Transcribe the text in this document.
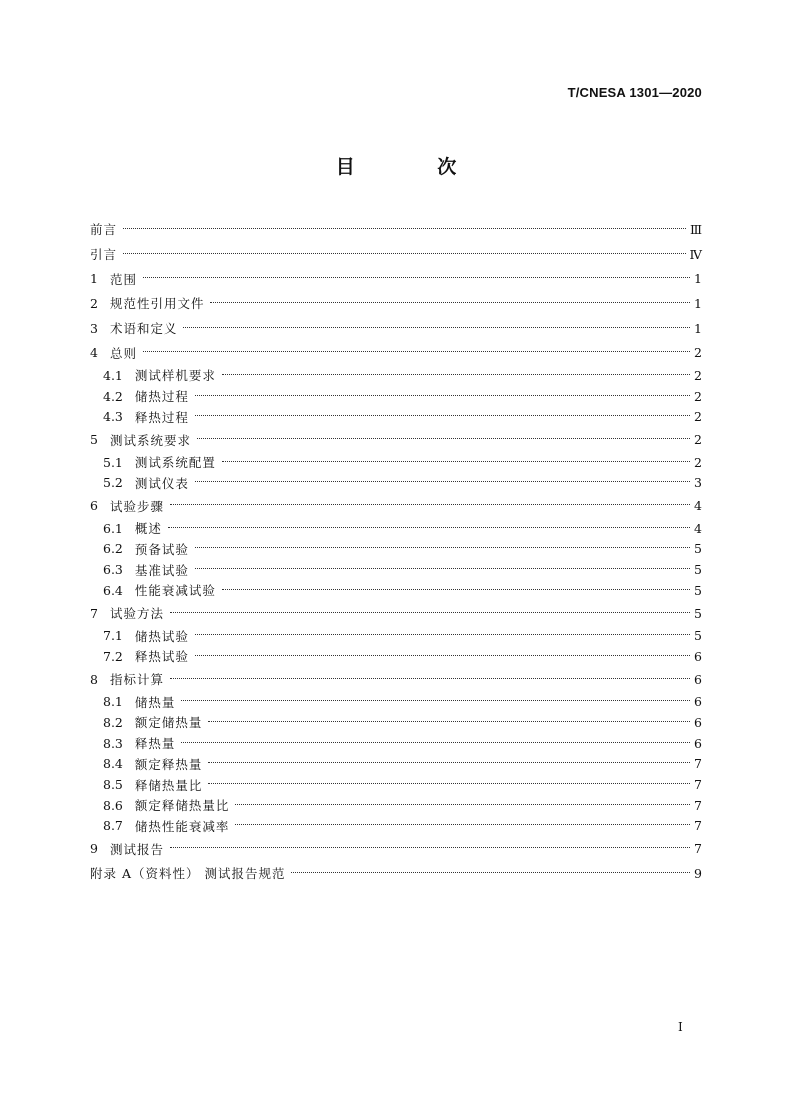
T/CNESA 1301—2020
目 次
前言	Ⅲ
引言	Ⅳ
1 范围	1
2 规范性引用文件	1
3 术语和定义	1
4 总则	2
4.1 测试样机要求	2
4.2 储热过程	2
4.3 释热过程	2
5 测试系统要求	2
5.1 测试系统配置	2
5.2 测试仪表	3
6 试验步骤	4
6.1 概述	4
6.2 预备试验	5
6.3 基准试验	5
6.4 性能衰减试验	5
7 试验方法	5
7.1 储热试验	5
7.2 释热试验	6
8 指标计算	6
8.1 储热量	6
8.2 额定储热量	6
8.3 释热量	6
8.4 额定释热量	7
8.5 释储热量比	7
8.6 额定释储热量比	7
8.7 储热性能衰减率	7
9 测试报告	7
附录 A（资料性） 测试报告规范	9
I
